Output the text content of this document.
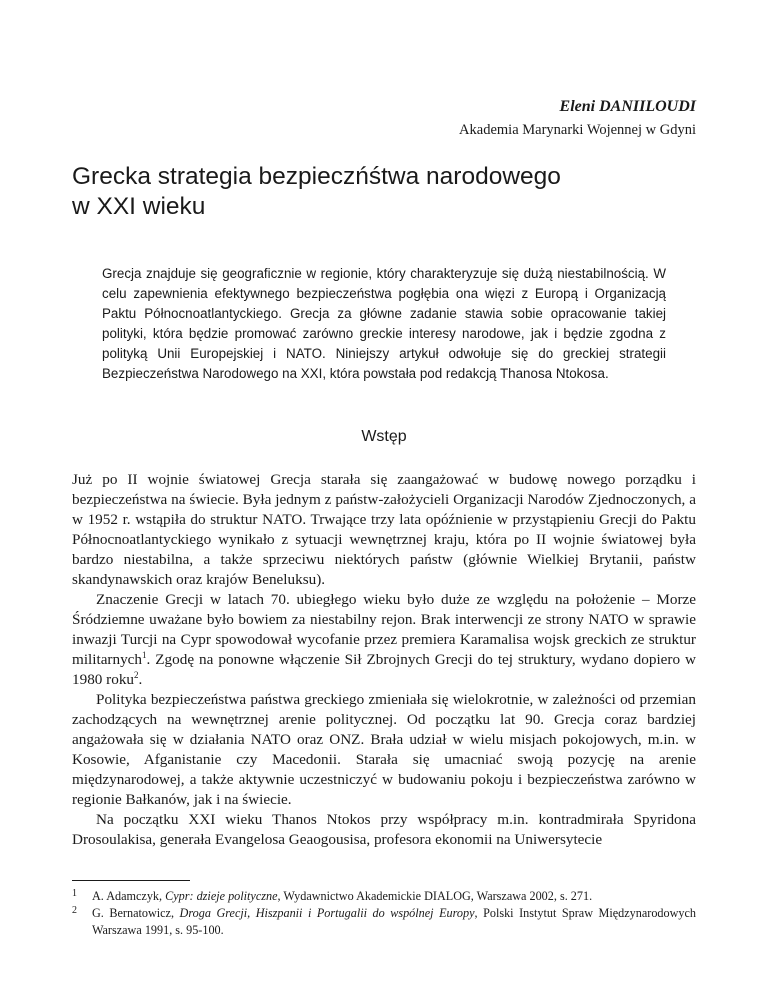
Eleni DANIILOUDI
Akademia Marynarki Wojennej w Gdyni
Grecka strategia bezpieczńśtwa narodowego
w XXI wieku

Grecja znajduje się geograficznie w regionie, który charakteryzuje się dużą niestabilnością. W celu zapewnienia efektywnego bezpieczeństwa pogłębia ona więzi z Europą i Organizacją Paktu Północnoatlantyckiego. Grecja za główne zadanie stawia sobie opracowanie takiej polityki, która będzie promować zarówno greckie interesy narodowe, jak i będzie zgodna z polityką Unii Europejskiej i NATO. Niniejszy artykuł odwołuje się do greckiej strategii Bezpieczeństwa Narodowego na XXI, która powstała pod redakcją Thanosa Ntokosa.

Wstęp

Już po II wojnie światowej Grecja starała się zaangażować w budowę nowego porządku i bezpieczeństwa na świecie. Była jednym z państw-założycieli Organizacji Narodów Zjednoczonych, a w 1952 r. wstąpiła do struktur NATO. Trwające trzy lata opóźnienie w przystąpieniu Grecji do Paktu Północnoatlantyckiego wynikało z sytuacji wewnętrznej kraju, która po II wojnie światowej była bardzo niestabilna, a także sprzeciwu niektórych państw (głównie Wielkiej Brytanii, państw skandynawskich oraz krajów Beneluksu).

Znaczenie Grecji w latach 70. ubiegłego wieku było duże ze względu na położenie – Morze Śródziemne uważane było bowiem za niestabilny rejon. Brak interwencji ze strony NATO w sprawie inwazji Turcji na Cypr spowodował wycofanie przez premiera Karamalisa wojsk greckich ze struktur militarnych$^1$. Zgodę na ponowne włączenie Sił Zbrojnych Grecji do tej struktury, wydano dopiero w 1980 roku$^2$.

Polityka bezpieczeństwa państwa greckiego zmieniała się wielokrotnie, w zależności od przemian zachodzących na wewnętrznej arenie politycznej. Od początku lat 90. Grecja coraz bardziej angażowała się w działania NATO oraz ONZ. Brała udział w wielu misjach pokojowych, m.in. w Kosowie, Afganistanie czy Macedonii. Starała się umacniać swoją pozycję na arenie międzynarodowej, a także aktywnie uczestniczyć w budowaniu pokoju i bezpieczeństwa zarówno w regionie Bałkanów, jak i na świecie.

Na początku XXI wieku Thanos Ntokos przy współpracy m.in. kontradmirała Spyridona Drosoulakisa, generała Evangelosa Geaogousisa, profesora ekonomii na Uniwersytecie

1 A. Adamczyk, Cypr: dzieje polityczne, Wydawnictwo Akademickie DIALOG, Warszawa 2002, s. 271.
2 G. Bernatowicz, Droga Grecji, Hiszpanii i Portugalii do wspólnej Europy, Polski Instytut Spraw Międzynarodowych Warszawa 1991, s. 95-100.
